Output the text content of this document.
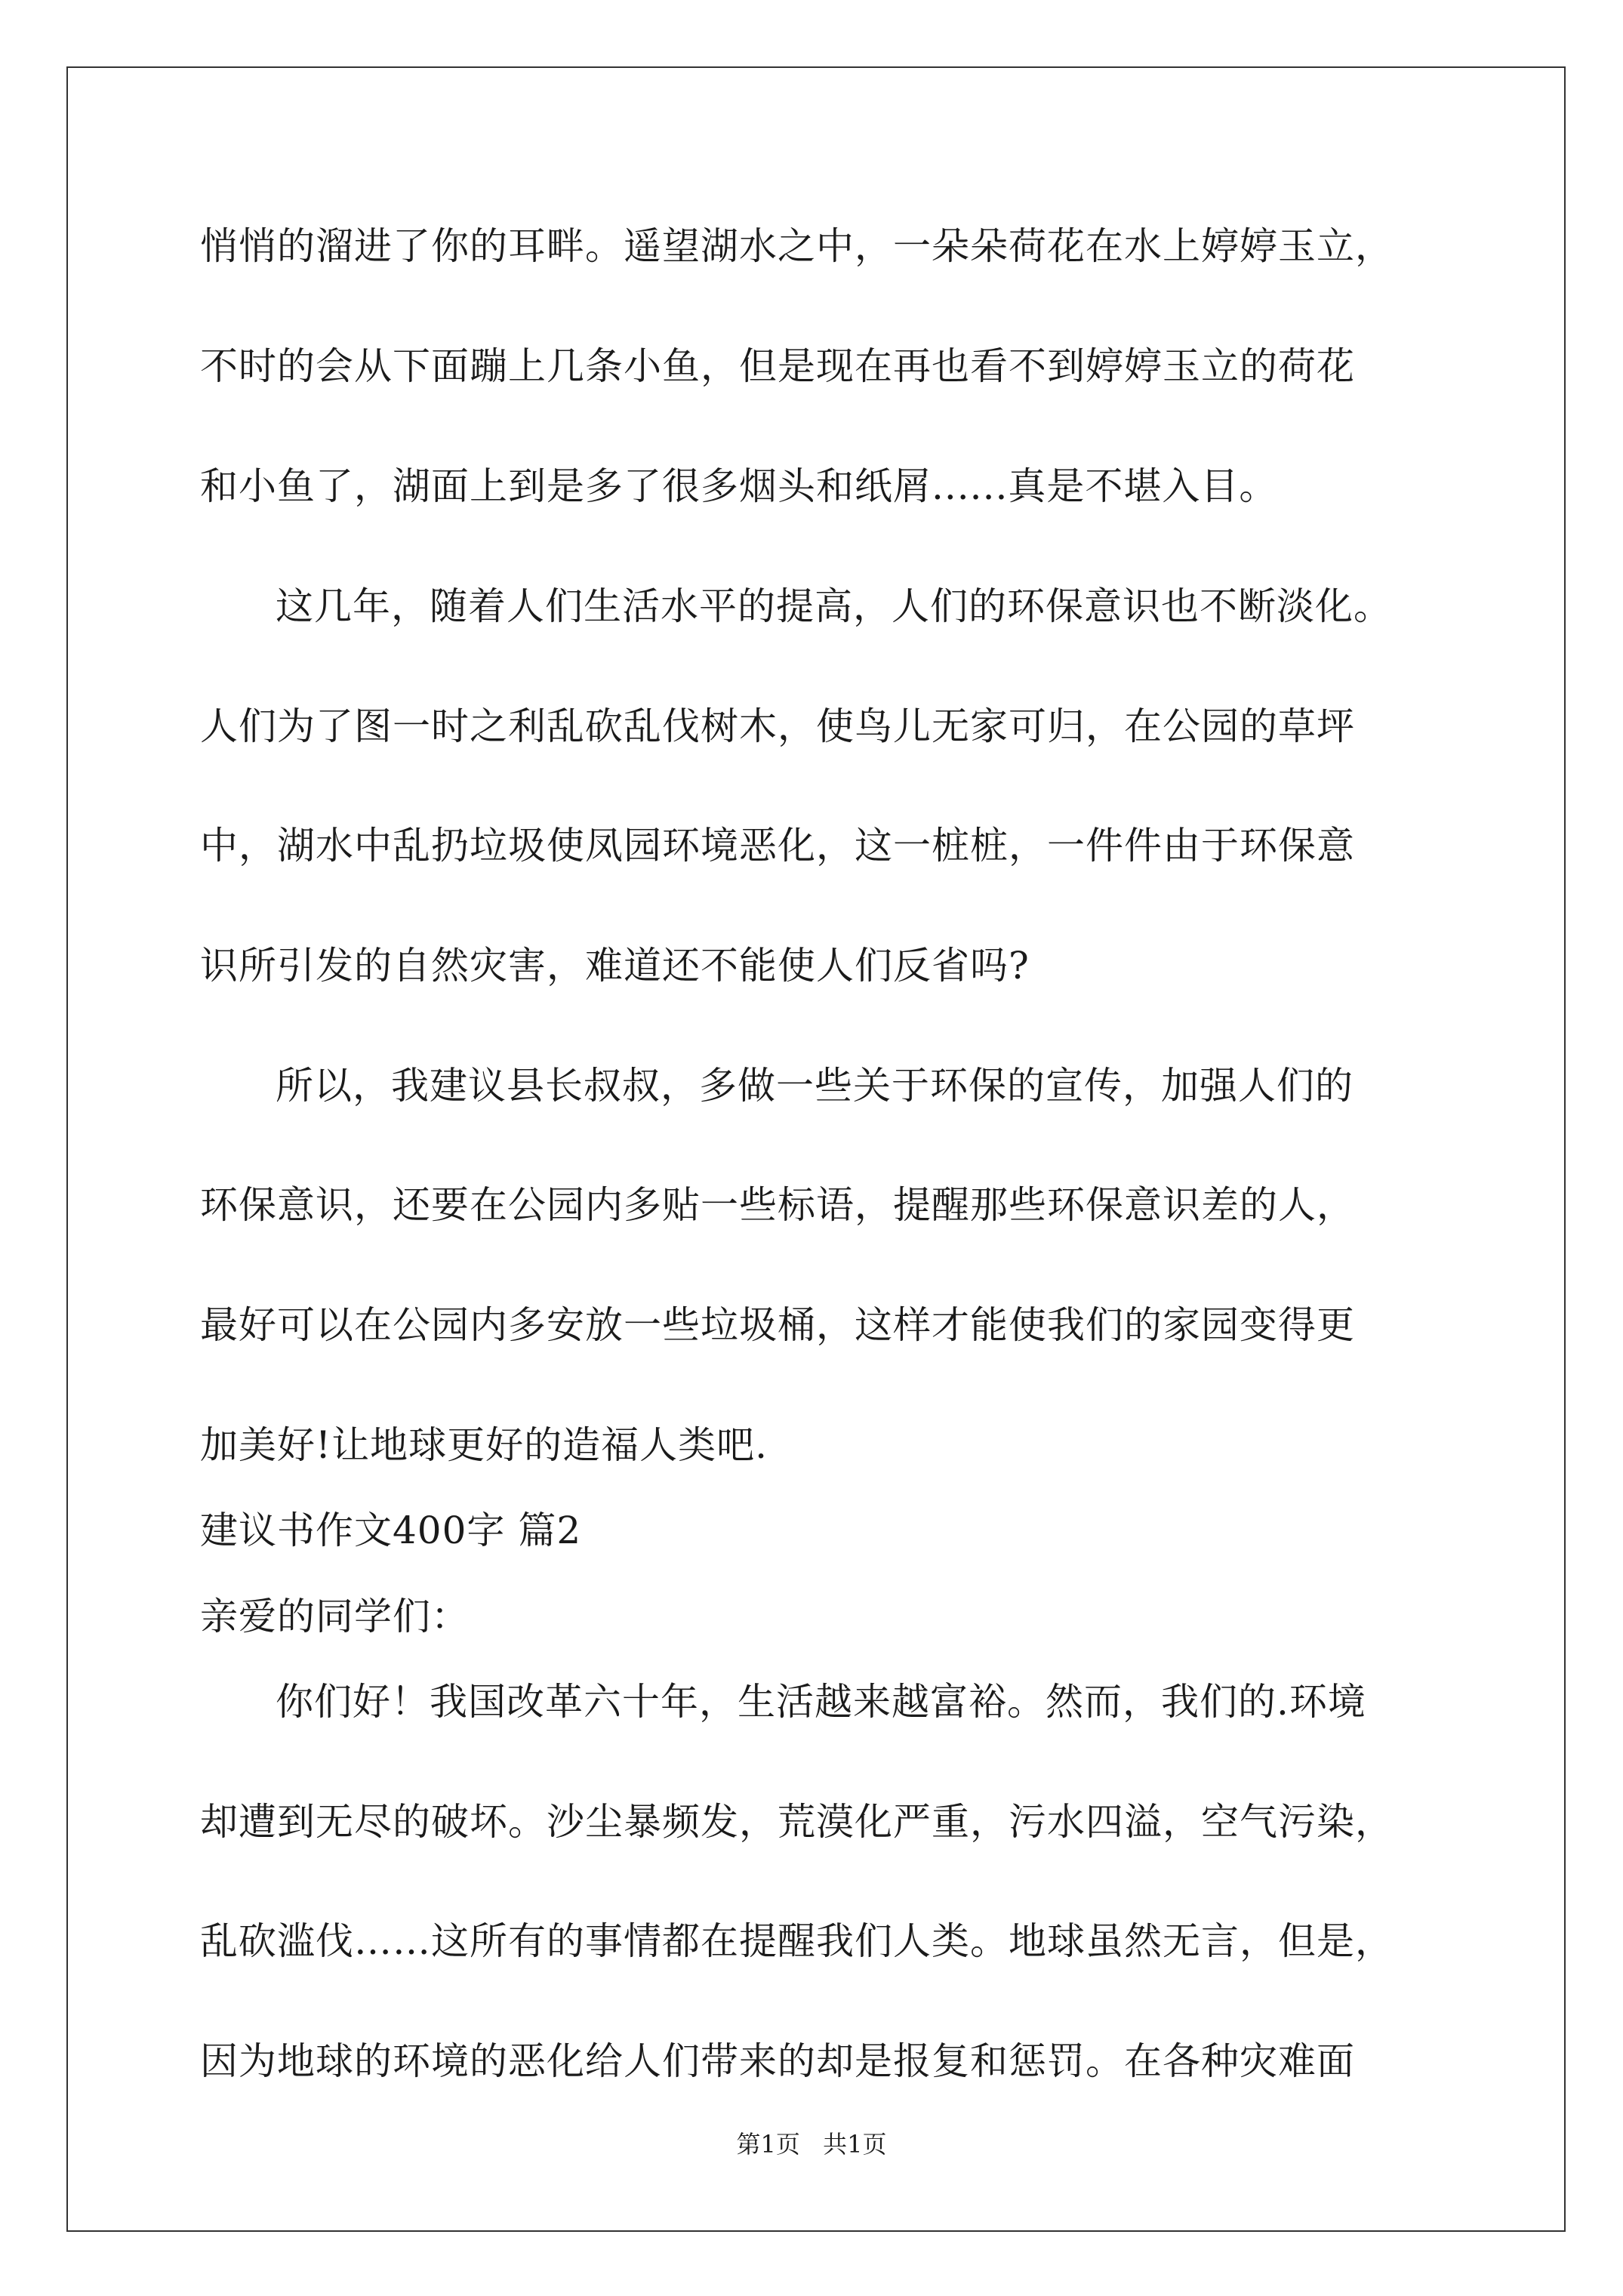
悄悄的溜进了你的耳畔。遥望湖水之中，一朵朵荷花在水上婷婷玉立，
不时的会从下面蹦上几条小鱼，但是现在再也看不到婷婷玉立的荷花
和小鱼了，湖面上到是多了很多烟头和纸屑......真是不堪入目。
这几年，随着人们生活水平的提高，人们的环保意识也不断淡化。
人们为了图一时之利乱砍乱伐树木，使鸟儿无家可归，在公园的草坪
中，湖水中乱扔垃圾使凤园环境恶化，这一桩桩，一件件由于环保意
识所引发的自然灾害，难道还不能使人们反省吗?
所以，我建议县长叔叔，多做一些关于环保的宣传，加强人们的
环保意识，还要在公园内多贴一些标语，提醒那些环保意识差的人，
最好可以在公园内多安放一些垃圾桶，这样才能使我们的家园变得更
加美好!让地球更好的造福人类吧.
建议书作文400字 篇2
亲爱的同学们：
你们好！我国改革六十年，生活越来越富裕。然而，我们的.环境
却遭到无尽的破坏。沙尘暴频发，荒漠化严重，污水四溢，空气污染，
乱砍滥伐……这所有的事情都在提醒我们人类。地球虽然无言，但是，
因为地球的环境的恶化给人们带来的却是报复和惩罚。在各种灾难面
第1页 共1页
